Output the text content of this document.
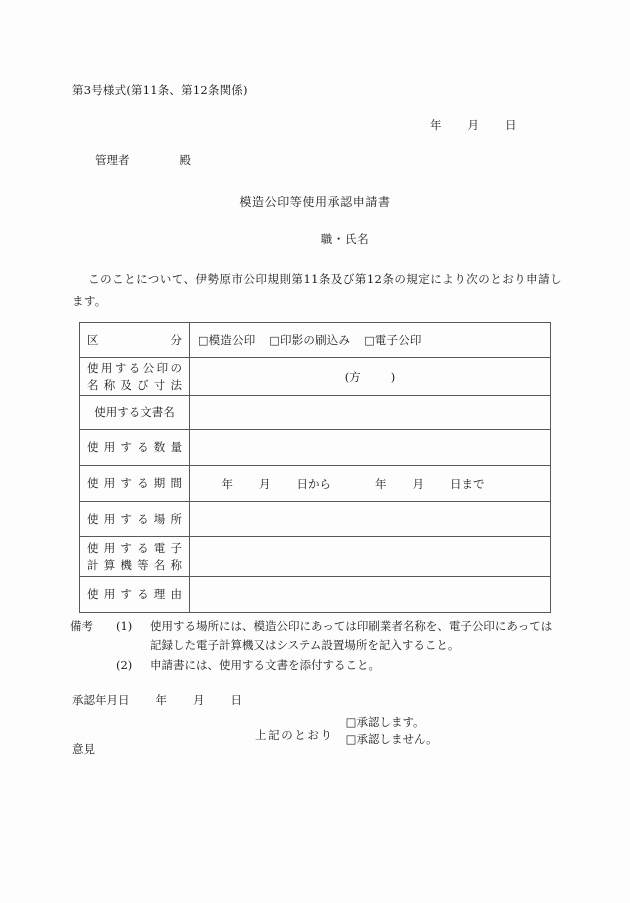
第3号様式(第11条、第12条関係)
年 月 日
管理者	殿
模造公印等使用承認申請書
職・氏名
このことについて、伊勢原市公印規則第11条及び第12条の規定により次のとおり申請します。
区分	□模造公印 □印影の刷込み □電子公印

使用する公印の
名称及び寸法	(方 )

使用する文書名	

使用する数量	

使用する期間	年 月 日から 年 月 日まで

使用する場所	

使用する電子
計算機等名称	

使用する理由	

備考	(1)	使用する場所には、模造公印にあっては印刷業者名称を、電子公印にあっては
記録した電子計算機又はシステム設置場所を記入すること。
(2)	申請書には、使用する文書を添付すること。
承認年月日 年 月 日
上記のとおり
□承認します。
□承認しません。
意見
